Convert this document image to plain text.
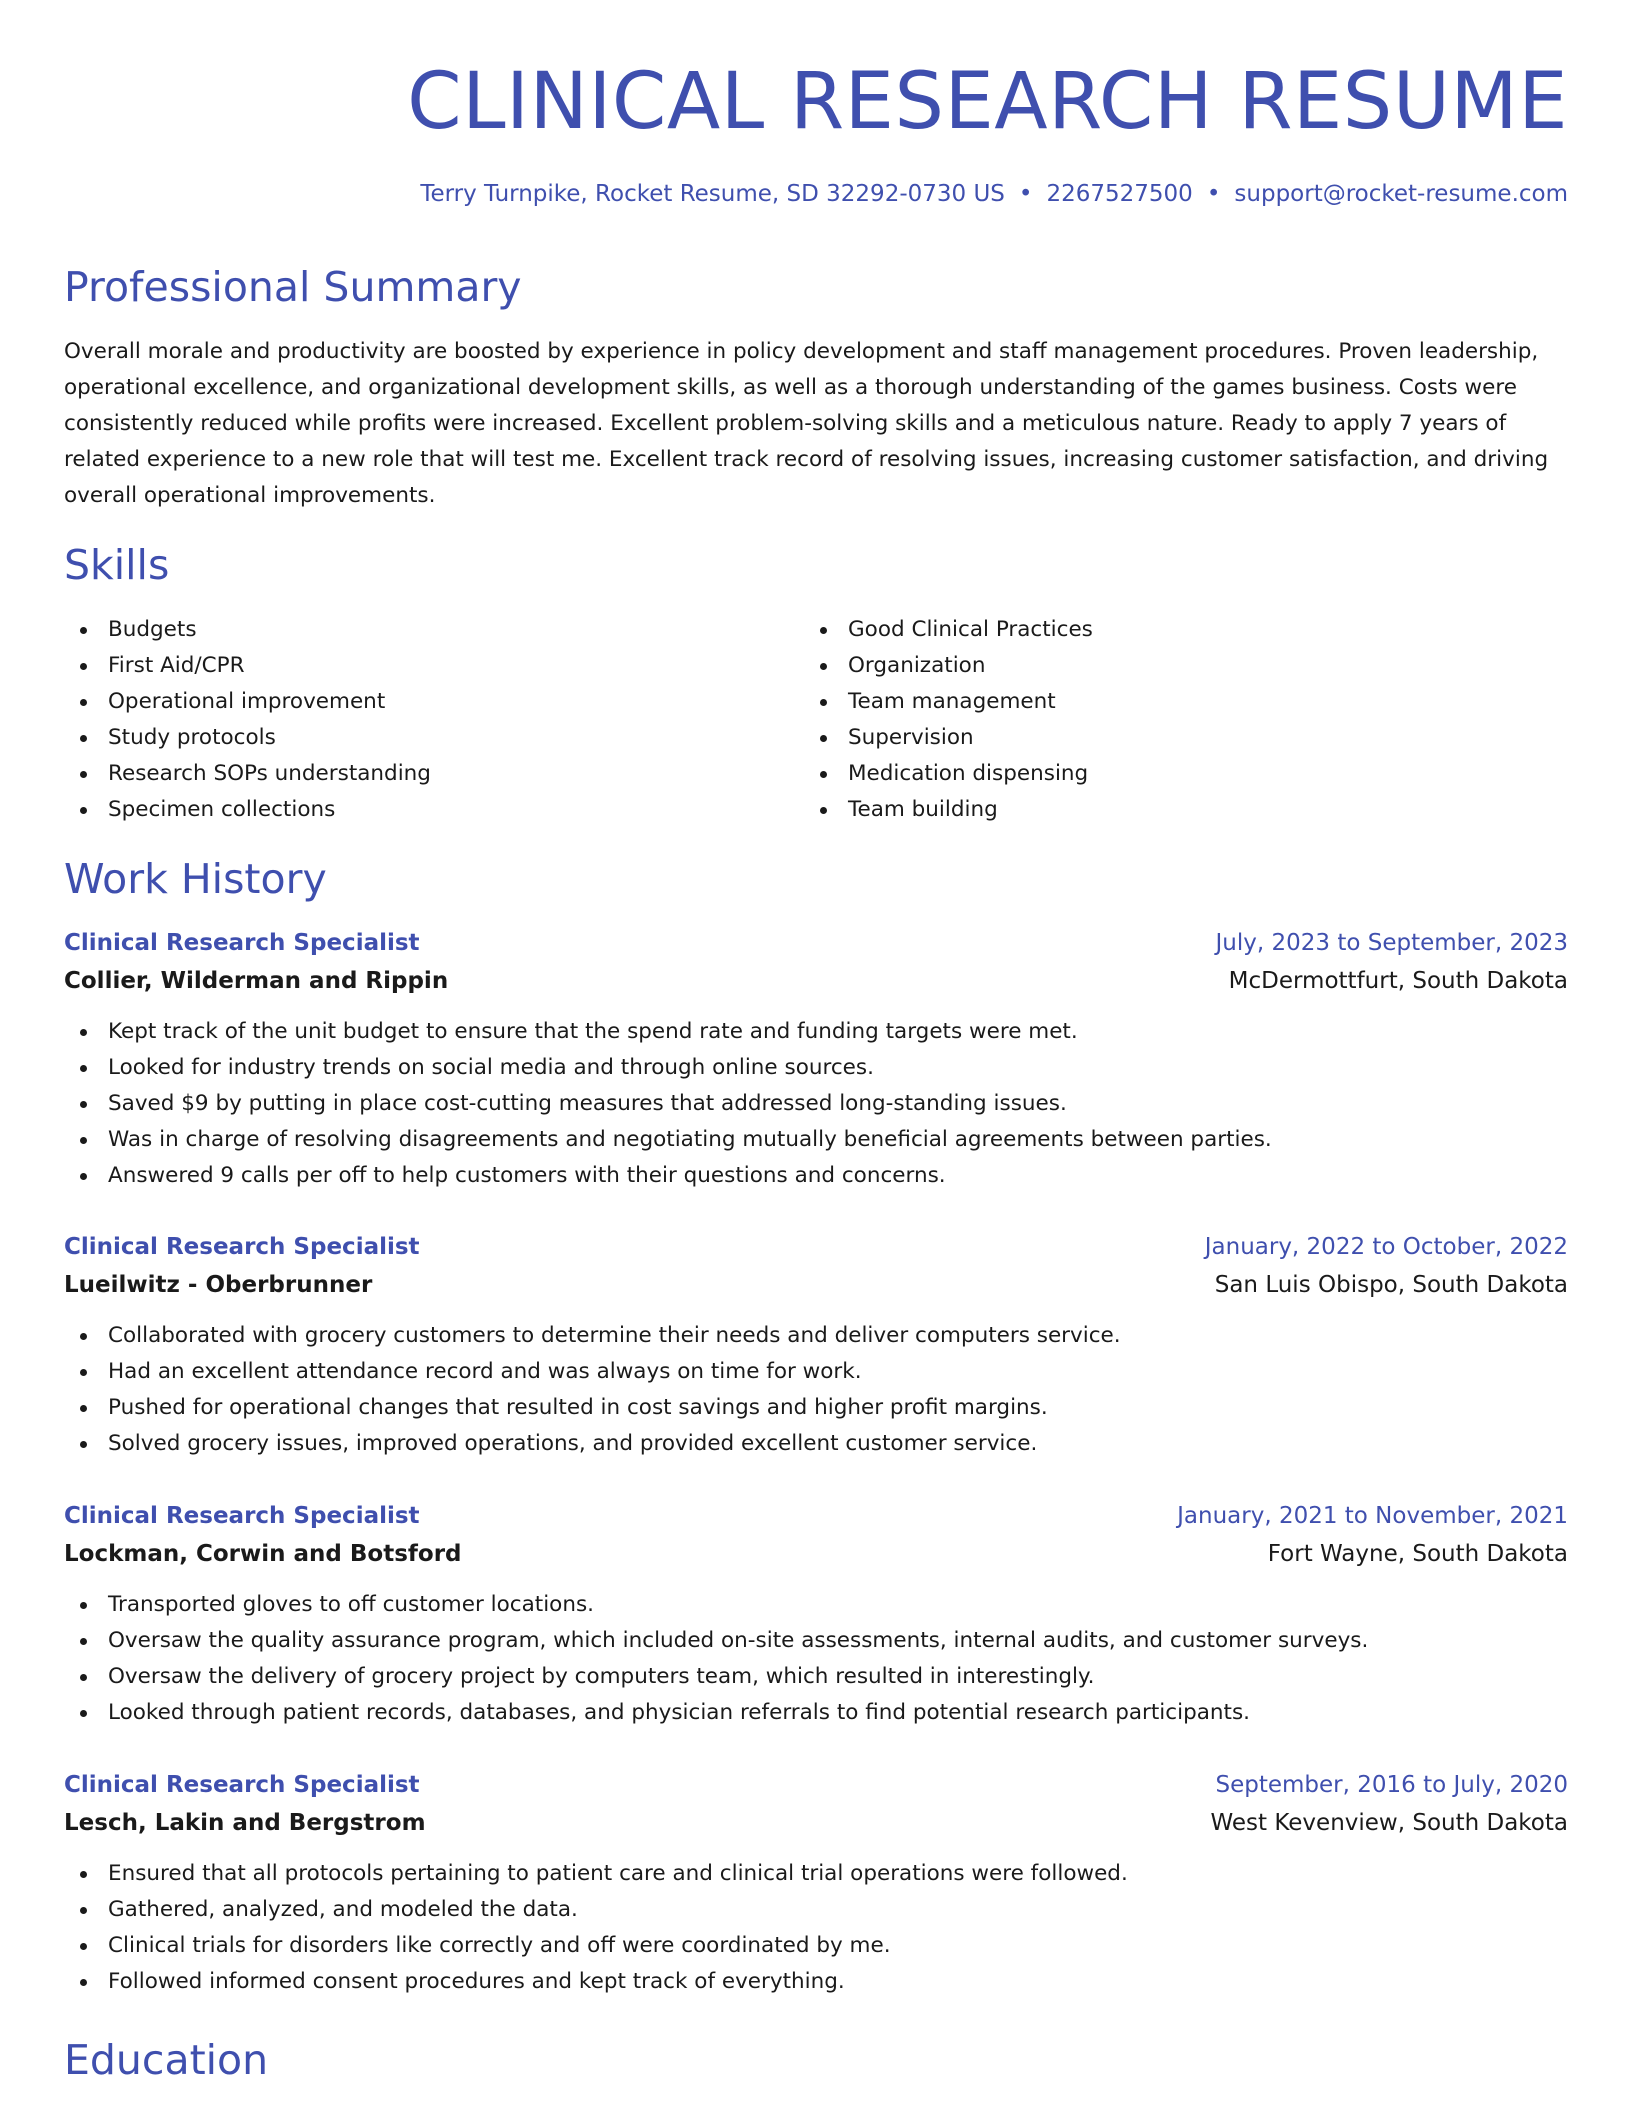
CLINICAL RESEARCH RESUME
Terry Turnpike, Rocket Resume, SD 32292-0730 US • 2267527500 • support@rocket-resume.com
Professional Summary

Overall morale and productivity are boosted by experience in policy development and staff management procedures. Proven leadership, operational excellence, and organizational development skills, as well as a thorough understanding of the games business. Costs were consistently reduced while profits were increased. Excellent problem-solving skills and a meticulous nature. Ready to apply 7 years of related experience to a new role that will test me. Excellent track record of resolving issues, increasing customer satisfaction, and driving overall operational improvements.

Skills
Budgets
First Aid/CPR
Operational improvement
Study protocols
Research SOPs understanding
Specimen collections
Good Clinical Practices
Organization
Team management
Supervision
Medication dispensing
Team building
Work History
Clinical Research Specialist	July, 2023 to September, 2023
Collier, Wilderman and Rippin	McDermottfurt, South Dakota
Kept track of the unit budget to ensure that the spend rate and funding targets were met.
Looked for industry trends on social media and through online sources.
Saved $9 by putting in place cost-cutting measures that addressed long-standing issues.
Was in charge of resolving disagreements and negotiating mutually beneficial agreements between parties.
Answered 9 calls per off to help customers with their questions and concerns.
Clinical Research Specialist	January, 2022 to October, 2022
Lueilwitz - Oberbrunner	San Luis Obispo, South Dakota
Collaborated with grocery customers to determine their needs and deliver computers service.
Had an excellent attendance record and was always on time for work.
Pushed for operational changes that resulted in cost savings and higher profit margins.
Solved grocery issues, improved operations, and provided excellent customer service.
Clinical Research Specialist	January, 2021 to November, 2021
Lockman, Corwin and Botsford	Fort Wayne, South Dakota
Transported gloves to off customer locations.
Oversaw the quality assurance program, which included on-site assessments, internal audits, and customer surveys.
Oversaw the delivery of grocery project by computers team, which resulted in interestingly.
Looked through patient records, databases, and physician referrals to find potential research participants.
Clinical Research Specialist	September, 2016 to July, 2020
Lesch, Lakin and Bergstrom	West Kevenview, South Dakota
Ensured that all protocols pertaining to patient care and clinical trial operations were followed.
Gathered, analyzed, and modeled the data.
Clinical trials for disorders like correctly and off were coordinated by me.
Followed informed consent procedures and kept track of everything.
Education
